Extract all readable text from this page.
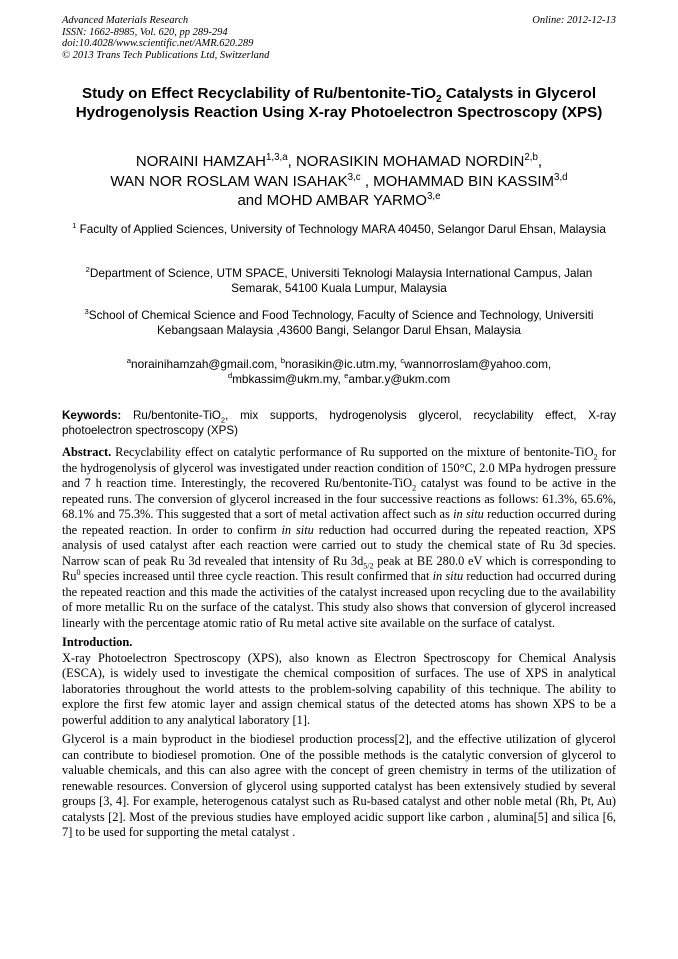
Advanced Materials Research
ISSN: 1662-8985, Vol. 620, pp 289-294
doi:10.4028/www.scientific.net/AMR.620.289
© 2013 Trans Tech Publications Ltd, Switzerland
Online: 2012-12-13
Study on Effect Recyclability of Ru/bentonite-TiO$_2$ Catalysts in Glycerol Hydrogenolysis Reaction Using X-ray Photoelectron Spectroscopy (XPS)
NORAINI HAMZAH$^{1,3,a}$, NORASIKIN MOHAMAD NORDIN$^{2,b}$,
WAN NOR ROSLAM WAN ISAHAK$^{3,c}$ , MOHAMMAD BIN KASSIM$^{3,d}$
and MOHD AMBAR YARMO$^{3,e}$
$^1$ Faculty of Applied Sciences, University of Technology MARA 40450, Selangor Darul Ehsan, Malaysia
$^2$Department of Science, UTM SPACE, Universiti Teknologi Malaysia International Campus, Jalan Semarak, 54100 Kuala Lumpur, Malaysia
$^3$School of Chemical Science and Food Technology, Faculty of Science and Technology, Universiti Kebangsaan Malaysia ,43600 Bangi, Selangor Darul Ehsan, Malaysia
$^a$norainihamzah@gmail.com, $^b$norasikin@ic.utm.my, $^c$wannorroslam@yahoo.com, $^d$mbkassim@ukm.my, $^e$ambar.y@ukm.com
Keywords: Ru/bentonite-TiO$_2$, mix supports, hydrogenolysis glycerol, recyclability effect, X-ray photoelectron spectroscopy (XPS)

Abstract. Recyclability effect on catalytic performance of Ru supported on the mixture of bentonite-TiO$_2$ for the hydrogenolysis of glycerol was investigated under reaction condition of 150°C, 2.0 MPa hydrogen pressure and 7 h reaction time. Interestingly, the recovered Ru/bentonite-TiO$_2$ catalyst was found to be active in the repeated runs. The conversion of glycerol increased in the four successive reactions as follows: 61.3%, 65.6%, 68.1% and 75.3%. This suggested that a sort of metal activation affect such as in situ reduction occurred during the repeated reaction. In order to confirm in situ reduction had occurred during the repeated reaction, XPS analysis of used catalyst after each reaction were carried out to study the chemical state of Ru 3d species. Narrow scan of peak Ru 3d revealed that intensity of Ru $3d_{5/2}$ peak at BE 280.0 eV which is corresponding to Ru$^0$ species increased until three cycle reaction. This result confirmed that in situ reduction had occurred during the repeated reaction and this made the activities of the catalyst increased upon recycling due to the availability of more metallic Ru on the surface of the catalyst. This study also shows that conversion of glycerol increased linearly with the percentage atomic ratio of Ru metal active site available on the surface of catalyst.

Introduction.

X-ray Photoelectron Spectroscopy (XPS), also known as Electron Spectroscopy for Chemical Analysis (ESCA), is widely used to investigate the chemical composition of surfaces. The use of XPS in analytical laboratories throughout the world attests to the problem-solving capability of this technique. The ability to explore the first few atomic layer and assign chemical status of the detected atoms has shown XPS to be a powerful addition to any analytical laboratory [1].

Glycerol is a main byproduct in the biodiesel production process[2], and the effective utilization of glycerol can contribute to biodiesel promotion. One of the possible methods is the catalytic conversion of glycerol to valuable chemicals, and this can also agree with the concept of green chemistry in terms of the utilization of renewable resources. Conversion of glycerol using supported catalyst has been extensively studied by several groups [3, 4]. For example, heterogenous catalyst such as Ru-based catalyst and other noble metal (Rh, Pt, Au) catalysts [2]. Most of the previous studies have employed acidic support like carbon , alumina[5] and silica [6, 7] to be used for supporting the metal catalyst .
